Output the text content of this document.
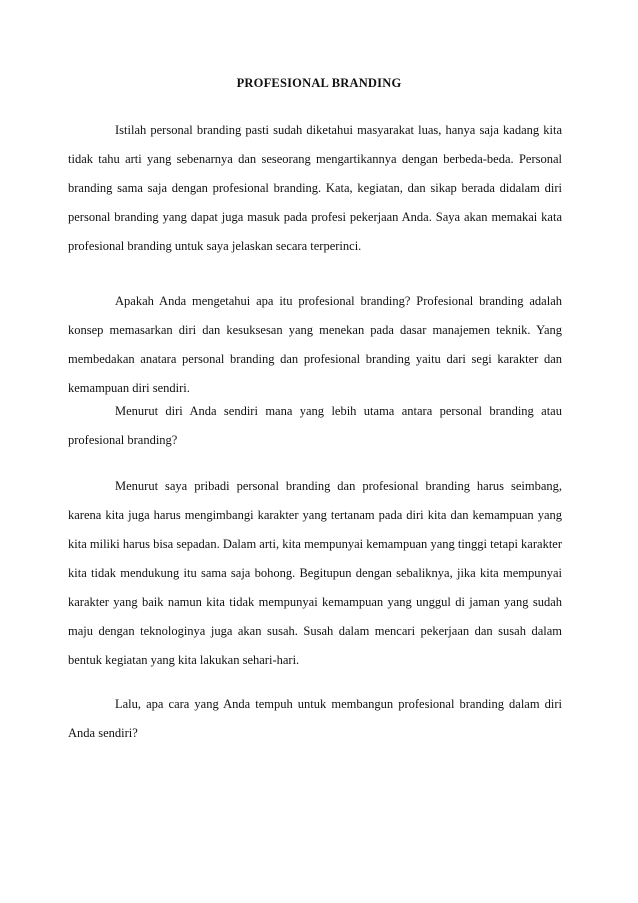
PROFESIONAL BRANDING

Istilah personal branding pasti sudah diketahui masyarakat luas, hanya saja kadang kita tidak tahu arti yang sebenarnya dan seseorang mengartikannya dengan berbeda-beda. Personal branding sama saja dengan profesional branding. Kata, kegiatan, dan sikap berada didalam diri personal branding yang dapat juga masuk pada profesi pekerjaan Anda. Saya akan memakai kata profesional branding untuk saya jelaskan secara terperinci.

Apakah Anda mengetahui apa itu profesional branding? Profesional branding adalah konsep memasarkan diri dan kesuksesan yang menekan pada dasar manajemen teknik. Yang membedakan anatara personal branding dan profesional branding yaitu dari segi karakter dan kemampuan diri sendiri.

Menurut diri Anda sendiri mana yang lebih utama antara personal branding atau profesional branding?

Menurut saya pribadi personal branding dan profesional branding harus seimbang, karena kita juga harus mengimbangi karakter yang tertanam pada diri kita dan kemampuan yang kita miliki harus bisa sepadan. Dalam arti, kita mempunyai kemampuan yang tinggi tetapi karakter kita tidak mendukung itu sama saja bohong. Begitupun dengan sebaliknya, jika kita mempunyai karakter yang baik namun kita tidak mempunyai kemampuan yang unggul di jaman yang sudah maju dengan teknologinya juga akan susah. Susah dalam mencari pekerjaan dan susah dalam bentuk kegiatan yang kita lakukan sehari-hari.

Lalu, apa cara yang Anda tempuh untuk membangun profesional branding dalam diri Anda sendiri?
